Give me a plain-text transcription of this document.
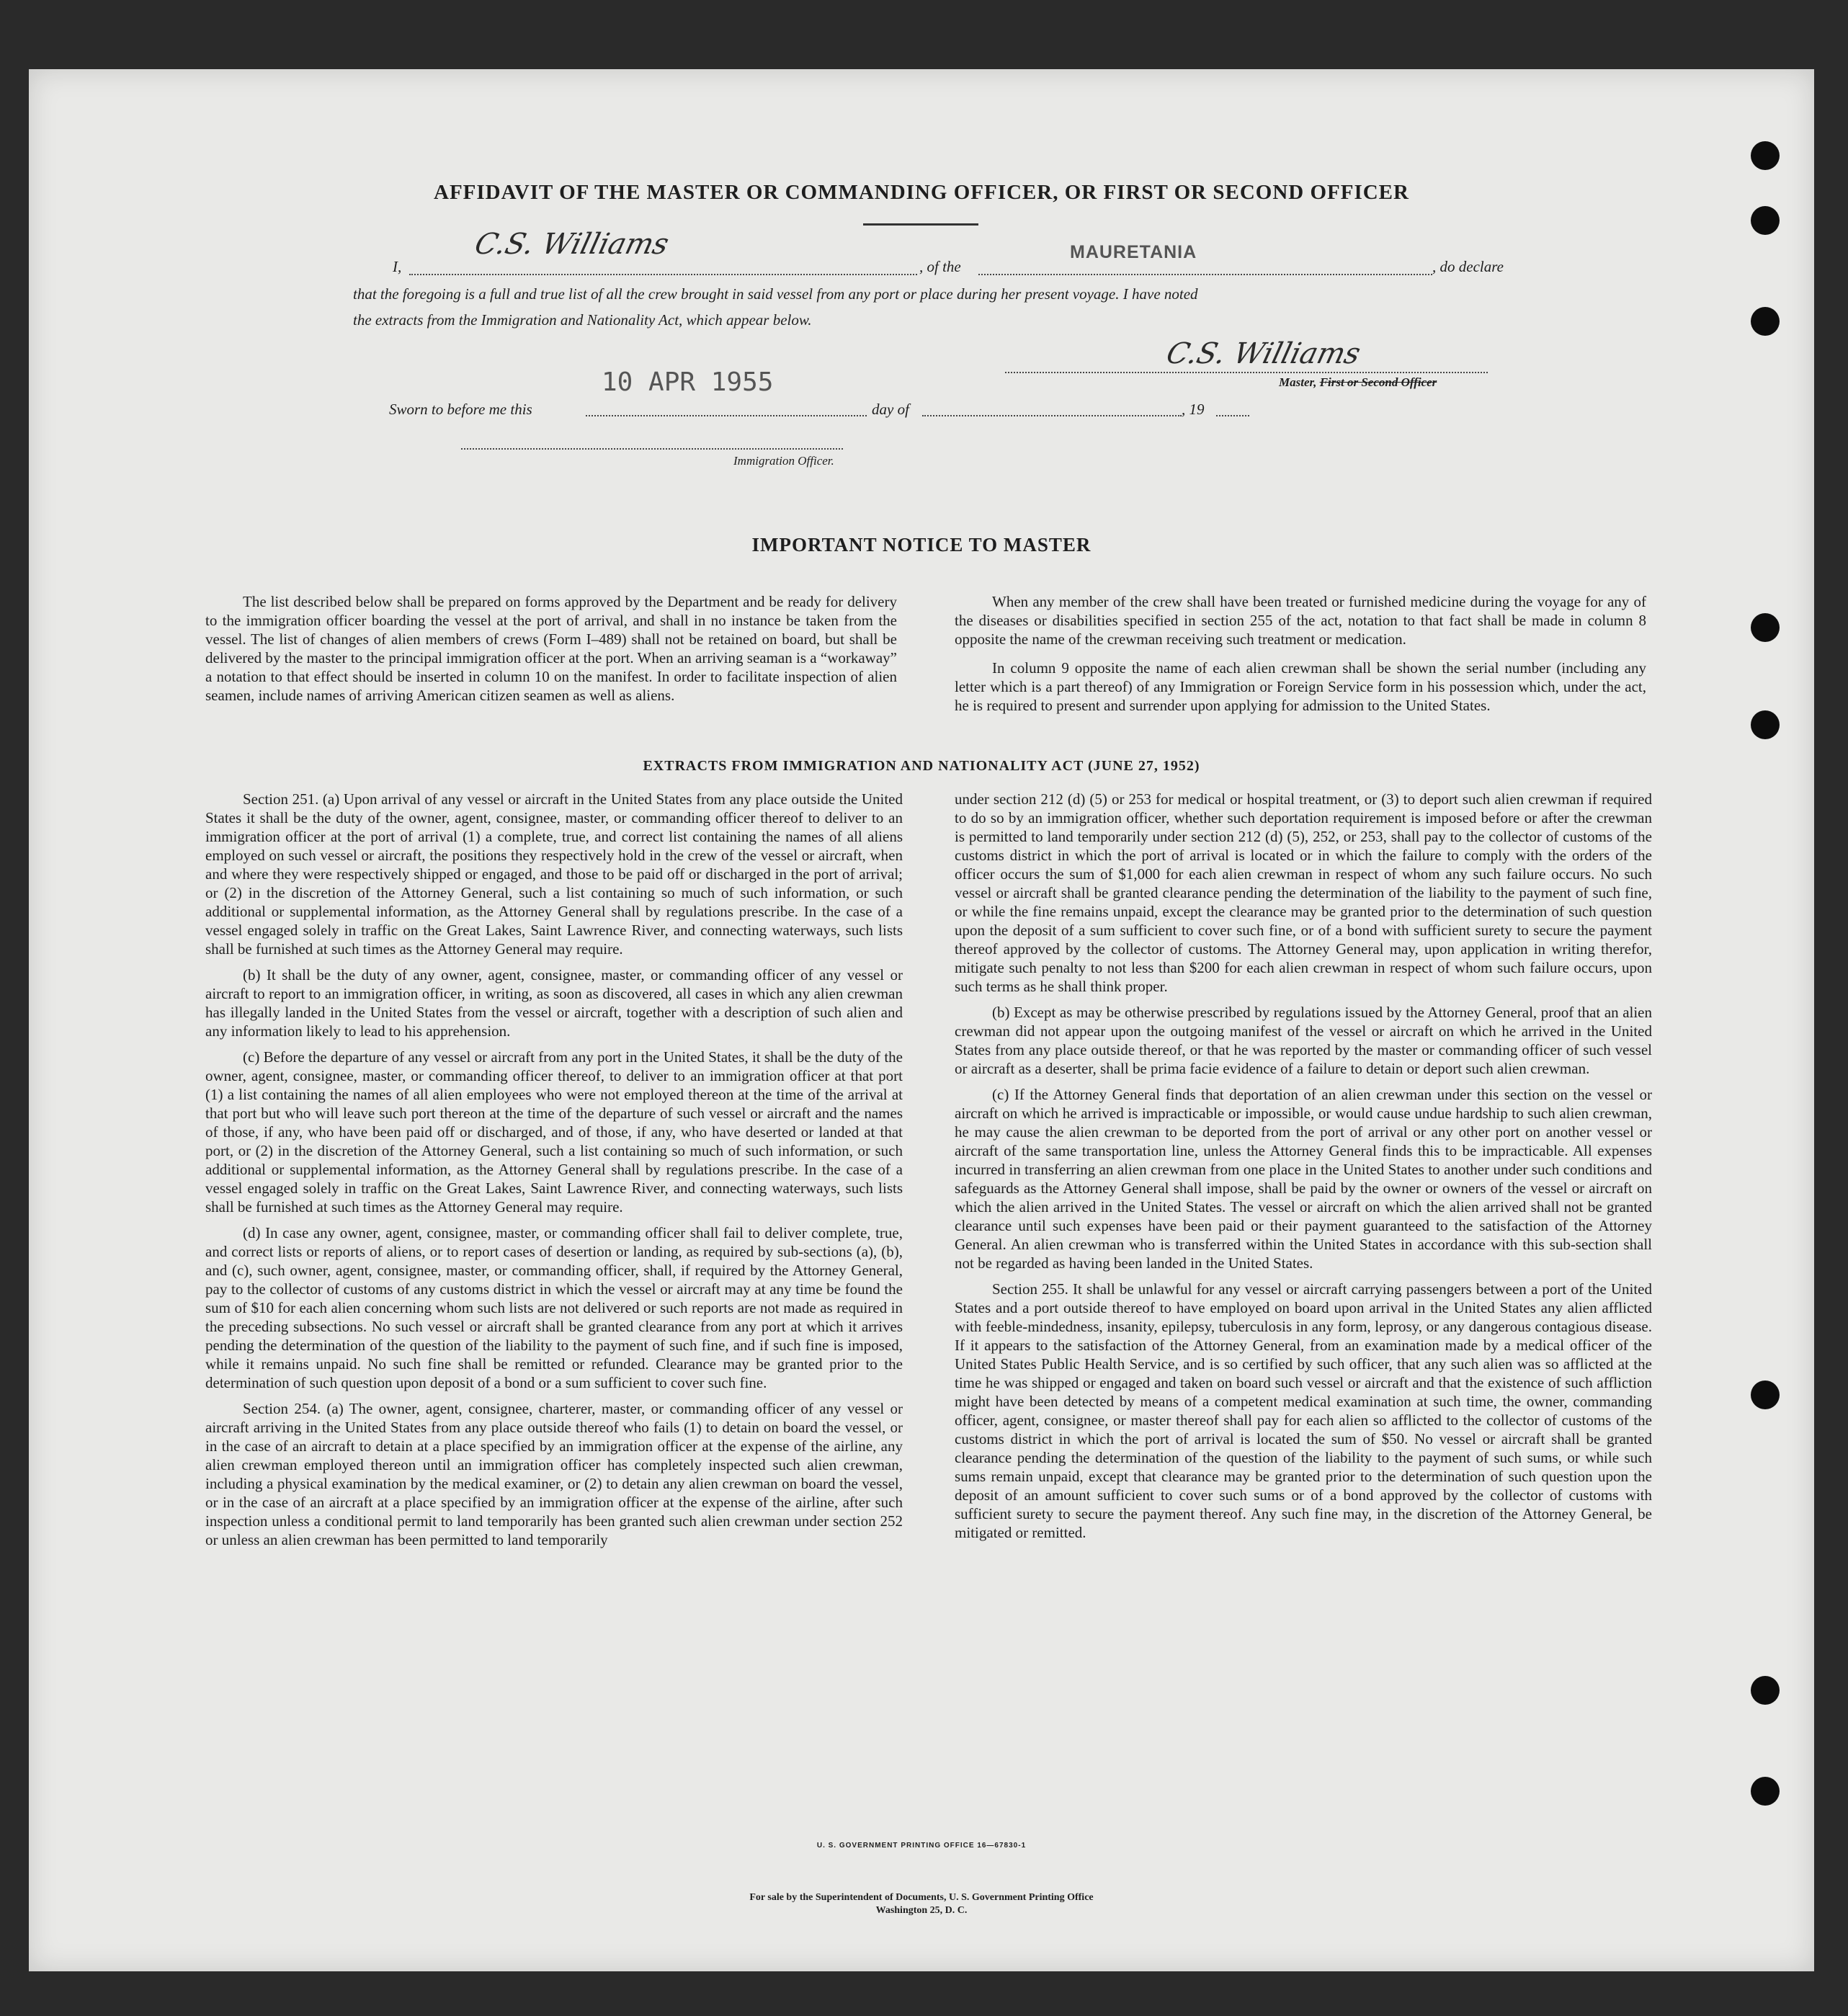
AFFIDAVIT OF THE MASTER OR COMMANDING OFFICER, OR FIRST OR SECOND OFFICER
I,
C.S. Williams
, of the
MAURETANIA
, do declare
that the foregoing is a full and true list of all the crew brought in said vessel from any port or place during her present voyage. I have noted
the extracts from the Immigration and Nationality Act, which appear below.
C.S. Williams
Master, First or Second Officer
10 APR 1955
Sworn to before me this	day of	, 19
Immigration Officer.
IMPORTANT NOTICE TO MASTER

The list described below shall be prepared on forms approved by the Department and be ready for delivery to the immigration officer boarding the vessel at the port of arrival, and shall in no instance be taken from the vessel. The list of changes of alien members of crews (Form I–489) shall not be retained on board, but shall be delivered by the master to the principal immigration officer at the port. When an arriving seaman is a “workaway” a notation to that effect should be inserted in column 10 on the manifest. In order to facilitate inspection of alien seamen, include names of arriving American citizen seamen as well as aliens.

When any member of the crew shall have been treated or furnished medicine during the voyage for any of the diseases or disabilities specified in section 255 of the act, notation to that fact shall be made in column 8 opposite the name of the crewman receiving such treatment or medication.

In column 9 opposite the name of each alien crewman shall be shown the serial number (including any letter which is a part thereof) of any Immigration or Foreign Service form in his possession which, under the act, he is required to present and surrender upon applying for admission to the United States.

EXTRACTS FROM IMMIGRATION AND NATIONALITY ACT (JUNE 27, 1952)

Section 251. (a) Upon arrival of any vessel or aircraft in the United States from any place outside the United States it shall be the duty of the owner, agent, consignee, master, or commanding officer thereof to deliver to an immigration officer at the port of arrival (1) a complete, true, and correct list containing the names of all aliens employed on such vessel or aircraft, the positions they respectively hold in the crew of the vessel or aircraft, when and where they were respectively shipped or engaged, and those to be paid off or discharged in the port of arrival; or (2) in the discretion of the Attorney General, such a list containing so much of such information, or such additional or supplemental information, as the Attorney General shall by regulations prescribe. In the case of a vessel engaged solely in traffic on the Great Lakes, Saint Lawrence River, and connecting waterways, such lists shall be furnished at such times as the Attorney General may require.

(b) It shall be the duty of any owner, agent, consignee, master, or commanding officer of any vessel or aircraft to report to an immigration officer, in writing, as soon as discovered, all cases in which any alien crewman has illegally landed in the United States from the vessel or aircraft, together with a description of such alien and any information likely to lead to his apprehension.

(c) Before the departure of any vessel or aircraft from any port in the United States, it shall be the duty of the owner, agent, consignee, master, or commanding officer thereof, to deliver to an immigration officer at that port (1) a list containing the names of all alien employees who were not employed thereon at the time of the arrival at that port but who will leave such port thereon at the time of the departure of such vessel or aircraft and the names of those, if any, who have been paid off or discharged, and of those, if any, who have deserted or landed at that port, or (2) in the discretion of the Attorney General, such a list containing so much of such information, or such additional or supplemental information, as the Attorney General shall by regulations prescribe. In the case of a vessel engaged solely in traffic on the Great Lakes, Saint Lawrence River, and connecting waterways, such lists shall be furnished at such times as the Attorney General may require.

(d) In case any owner, agent, consignee, master, or commanding officer shall fail to deliver complete, true, and correct lists or reports of aliens, or to report cases of desertion or landing, as required by sub-sections (a), (b), and (c), such owner, agent, consignee, master, or commanding officer, shall, if required by the Attorney General, pay to the collector of customs of any customs district in which the vessel or aircraft may at any time be found the sum of $10 for each alien concerning whom such lists are not delivered or such reports are not made as required in the preceding subsections. No such vessel or aircraft shall be granted clearance from any port at which it arrives pending the determination of the question of the liability to the payment of such fine, and if such fine is imposed, while it remains unpaid. No such fine shall be remitted or refunded. Clearance may be granted prior to the determination of such question upon deposit of a bond or a sum sufficient to cover such fine.

Section 254. (a) The owner, agent, consignee, charterer, master, or commanding officer of any vessel or aircraft arriving in the United States from any place outside thereof who fails (1) to detain on board the vessel, or in the case of an aircraft to detain at a place specified by an immigration officer at the expense of the airline, any alien crewman employed thereon until an immigration officer has completely inspected such alien crewman, including a physical examination by the medical examiner, or (2) to detain any alien crewman on board the vessel, or in the case of an aircraft at a place specified by an immigration officer at the expense of the airline, after such inspection unless a conditional permit to land temporarily has been granted such alien crewman under section 252 or unless an alien crewman has been permitted to land temporarily

under section 212 (d) (5) or 253 for medical or hospital treatment, or (3) to deport such alien crewman if required to do so by an immigration officer, whether such deportation requirement is imposed before or after the crewman is permitted to land temporarily under section 212 (d) (5), 252, or 253, shall pay to the collector of customs of the customs district in which the port of arrival is located or in which the failure to comply with the orders of the officer occurs the sum of $1,000 for each alien crewman in respect of whom any such failure occurs. No such vessel or aircraft shall be granted clearance pending the determination of the liability to the payment of such fine, or while the fine remains unpaid, except the clearance may be granted prior to the determination of such question upon the deposit of a sum sufficient to cover such fine, or of a bond with sufficient surety to secure the payment thereof approved by the collector of customs. The Attorney General may, upon application in writing therefor, mitigate such penalty to not less than $200 for each alien crewman in respect of whom such failure occurs, upon such terms as he shall think proper.

(b) Except as may be otherwise prescribed by regulations issued by the Attorney General, proof that an alien crewman did not appear upon the outgoing manifest of the vessel or aircraft on which he arrived in the United States from any place outside thereof, or that he was reported by the master or commanding officer of such vessel or aircraft as a deserter, shall be prima facie evidence of a failure to detain or deport such alien crewman.

(c) If the Attorney General finds that deportation of an alien crewman under this section on the vessel or aircraft on which he arrived is impracticable or impossible, or would cause undue hardship to such alien crewman, he may cause the alien crewman to be deported from the port of arrival or any other port on another vessel or aircraft of the same transportation line, unless the Attorney General finds this to be impracticable. All expenses incurred in transferring an alien crewman from one place in the United States to another under such conditions and safeguards as the Attorney General shall impose, shall be paid by the owner or owners of the vessel or aircraft on which the alien arrived in the United States. The vessel or aircraft on which the alien arrived shall not be granted clearance until such expenses have been paid or their payment guaranteed to the satisfaction of the Attorney General. An alien crewman who is transferred within the United States in accordance with this sub-section shall not be regarded as having been landed in the United States.

Section 255. It shall be unlawful for any vessel or aircraft carrying passengers between a port of the United States and a port outside thereof to have employed on board upon arrival in the United States any alien afflicted with feeble-mindedness, insanity, epilepsy, tuberculosis in any form, leprosy, or any dangerous contagious disease. If it appears to the satisfaction of the Attorney General, from an examination made by a medical officer of the United States Public Health Service, and is so certified by such officer, that any such alien was so afflicted at the time he was shipped or engaged and taken on board such vessel or aircraft and that the existence of such affliction might have been detected by means of a competent medical examination at such time, the owner, commanding officer, agent, consignee, or master thereof shall pay for each alien so afflicted to the collector of customs of the customs district in which the port of arrival is located the sum of $50. No vessel or aircraft shall be granted clearance pending the determination of the question of the liability to the payment of such sums, or while such sums remain unpaid, except that clearance may be granted prior to the determination of such question upon the deposit of an amount sufficient to cover such sums or of a bond approved by the collector of customs with sufficient surety to secure the payment thereof. Any such fine may, in the discretion of the Attorney General, be mitigated or remitted.

U. S. GOVERNMENT PRINTING OFFICE 16—67830-1
For sale by the Superintendent of Documents, U. S. Government Printing Office
Washington 25, D. C.
